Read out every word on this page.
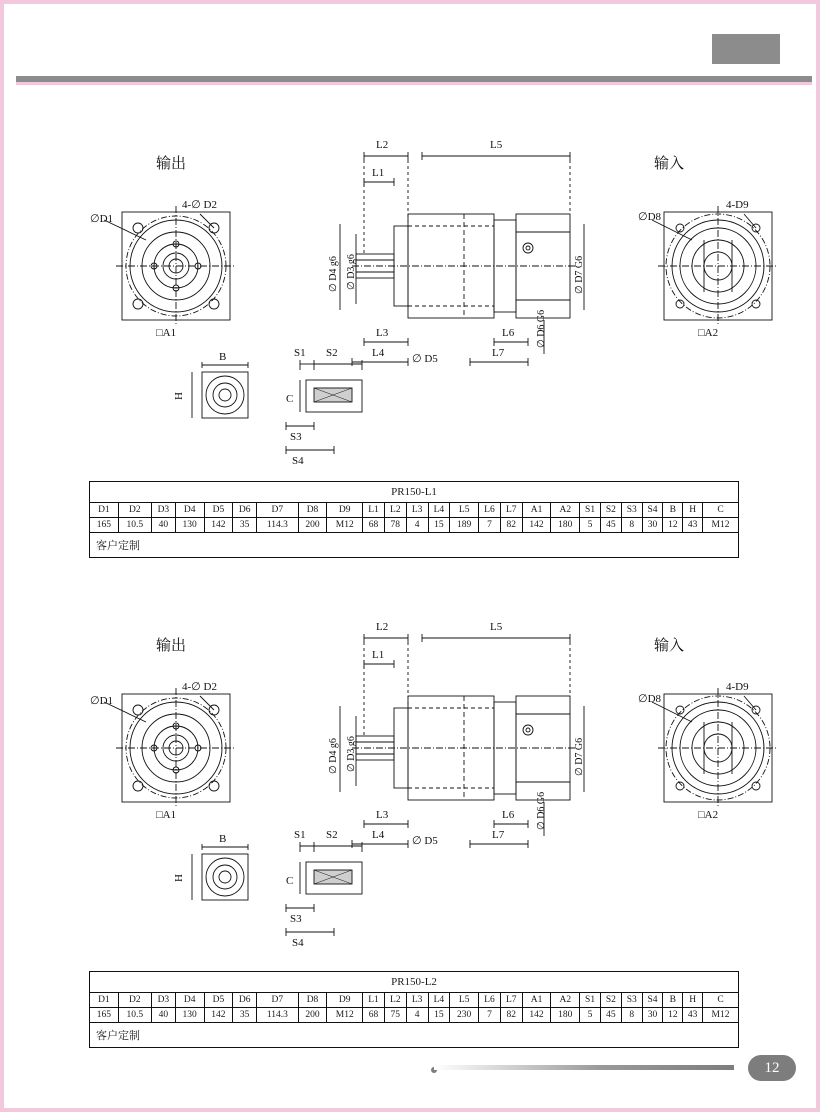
输出	输入
∅D1
4-∅ D2
□A1
B
H	C
S1 S2
S3
S4
L2	L5
L1
∅ D4 g6 ∅ D3 g6
L3
L4	∅ D5
L6
L7
∅ D7 G6
∅ D6 G6
∅D8
4-D9
□A2
PR150-L1																								
D1	D2	D3	D4	D5	D6	D7	D8	D9	L1	L2	L3	L4	L5	L6	L7	A1	A2	S1	S2	S3	S4	B	H	C
165	10.5	40	130	142	35	114.3	200	M12	68	78	4	15	189	7	82	142	180	5	45	8	30	12	43	M12
客户定制																								
输出	输入
∅D1
4-∅ D2
□A1
B
H	C
S1 S2
S3
S4
L2	L5
L1
∅ D4 g6 ∅ D3 g6
L3
L4	∅ D5
L6
L7
∅ D7 G6
∅ D6 G6
∅D8
4-D9
□A2
PR150-L2																								
D1	D2	D3	D4	D5	D6	D7	D8	D9	L1	L2	L3	L4	L5	L6	L7	A1	A2	S1	S2	S3	S4	B	H	C
165	10.5	40	130	142	35	114.3	200	M12	68	75	4	15	230	7	82	142	180	5	45	8	30	12	43	M12
客户定制																								
12
